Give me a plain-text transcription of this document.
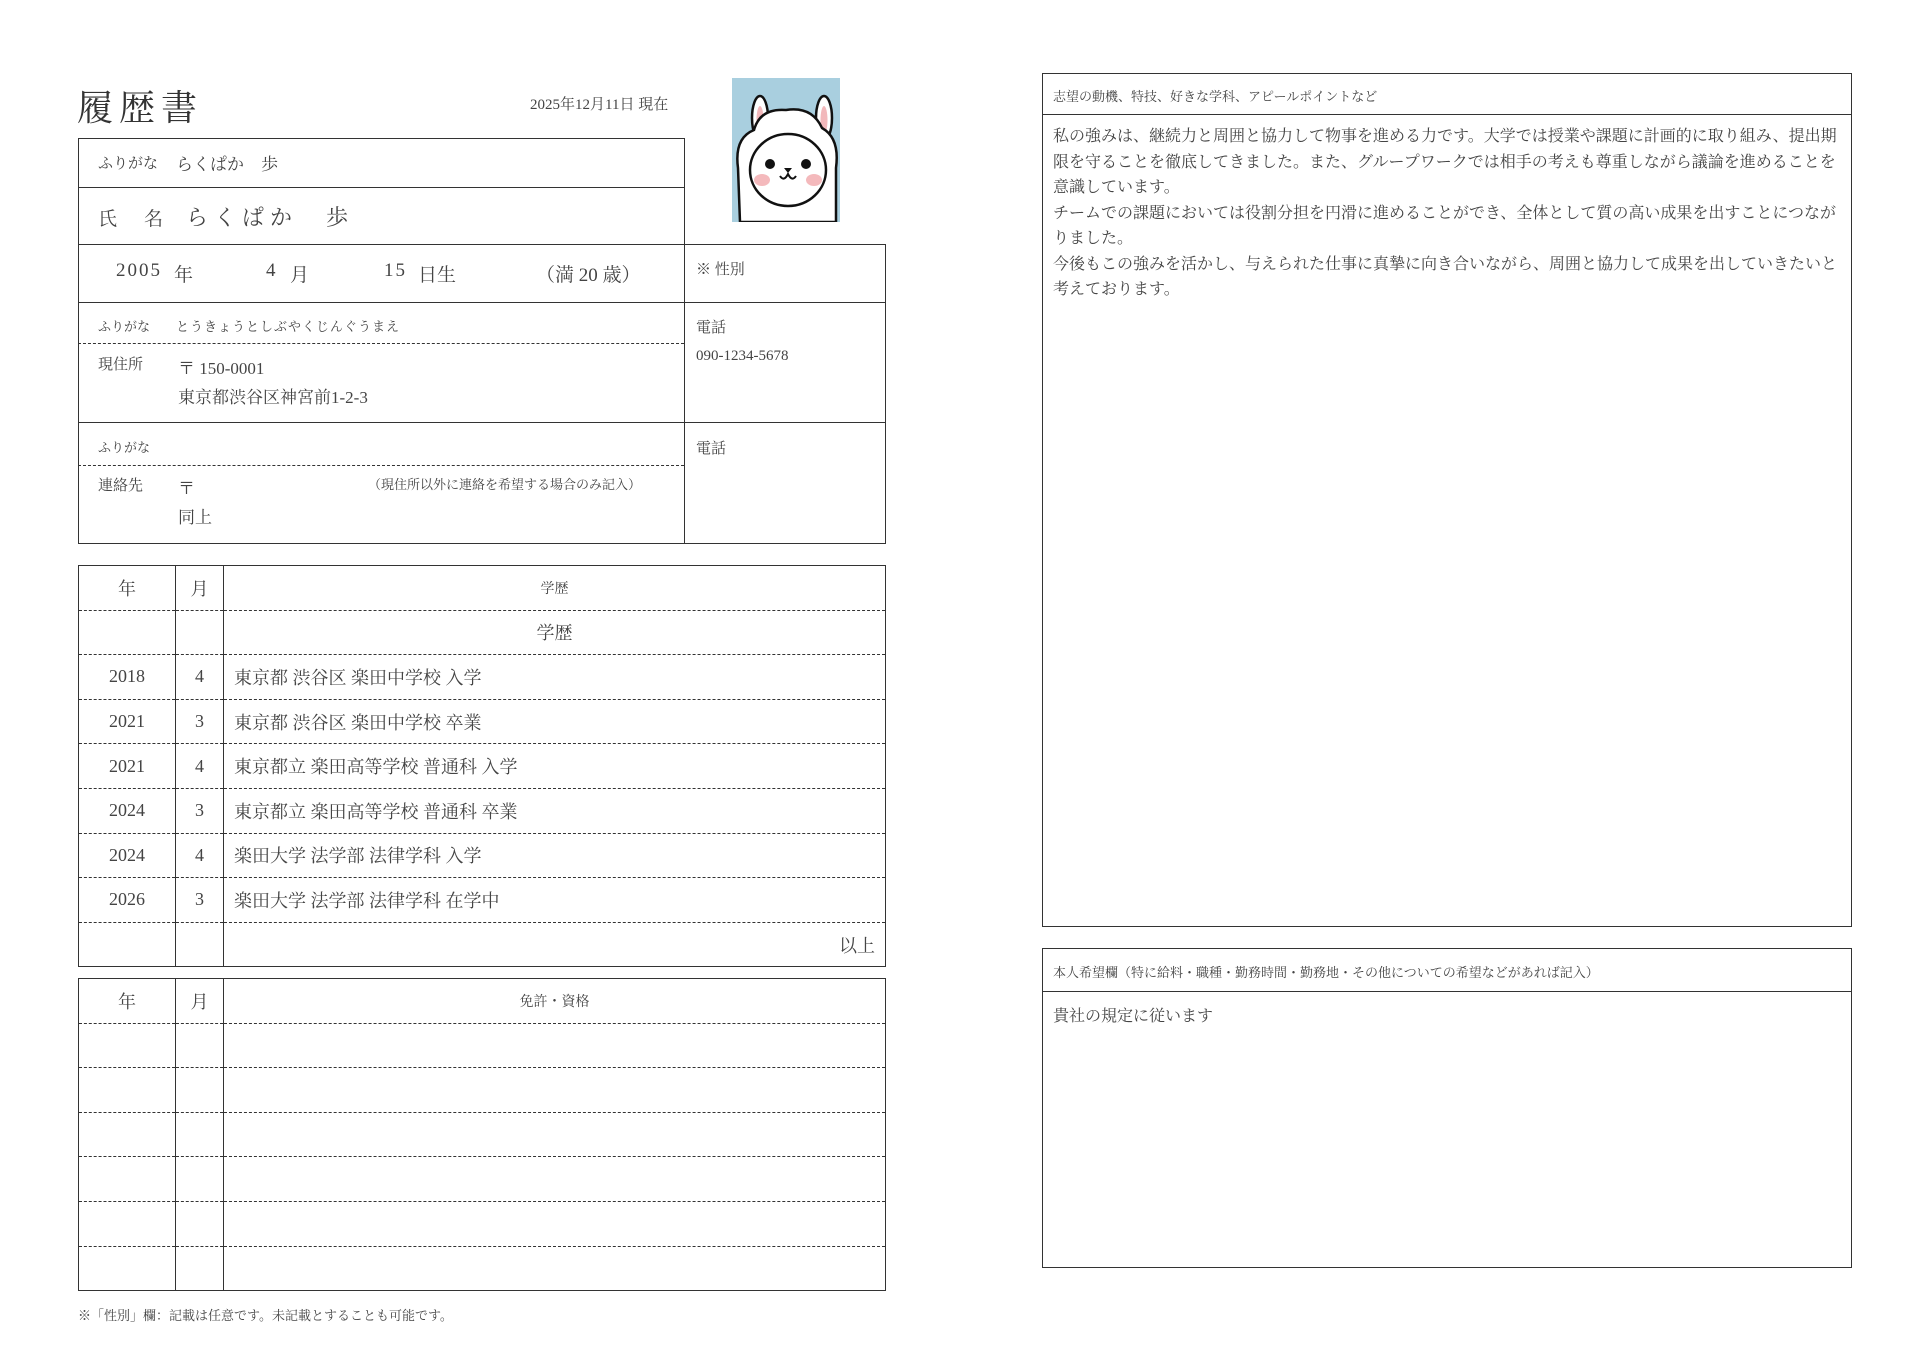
履歴書	2025年12月11日 現在
ふりがな らくぱか　歩
氏　名 らくぱか　歩
2005 年	4 月	15 日生	（満 20 歳）	※ 性別
ふりがな とうきょうとしぶやくじんぐうまえ
現住所 〒 150-0001
東京都渋谷区神宮前1-2-3
電話
090-1234-5678
ふりがな
連絡先 〒	（現住所以外に連絡を希望する場合のみ記入）
同上
電話
年	月	学歴
		学歴
2018	4	東京都 渋谷区 楽田中学校 入学
2021	3	東京都 渋谷区 楽田中学校 卒業
2021	4	東京都立 楽田高等学校 普通科 入学
2024	3	東京都立 楽田高等学校 普通科 卒業
2024	4	楽田大学 法学部 法律学科 入学
2026	3	楽田大学 法学部 法律学科 在学中
		以上
年	月	免許・資格

※「性別」欄：記載は任意です。未記載とすることも可能です。
志望の動機、特技、好きな学科、アピールポイントなど
私の強みは、継続力と周囲と協力して物事を進める力です。大学では授業や課題に計画的に取り組み、提出期限を守ることを徹底してきました。また、グループワークでは相手の考えも尊重しながら議論を進めることを意識しています。
チームでの課題においては役割分担を円滑に進めることができ、全体として質の高い成果を出すことにつながりました。
今後もこの強みを活かし、与えられた仕事に真摯に向き合いながら、周囲と協力して成果を出していきたいと考えております。
本人希望欄（特に給料・職種・勤務時間・勤務地・その他についての希望などがあれば記入）
貴社の規定に従います
